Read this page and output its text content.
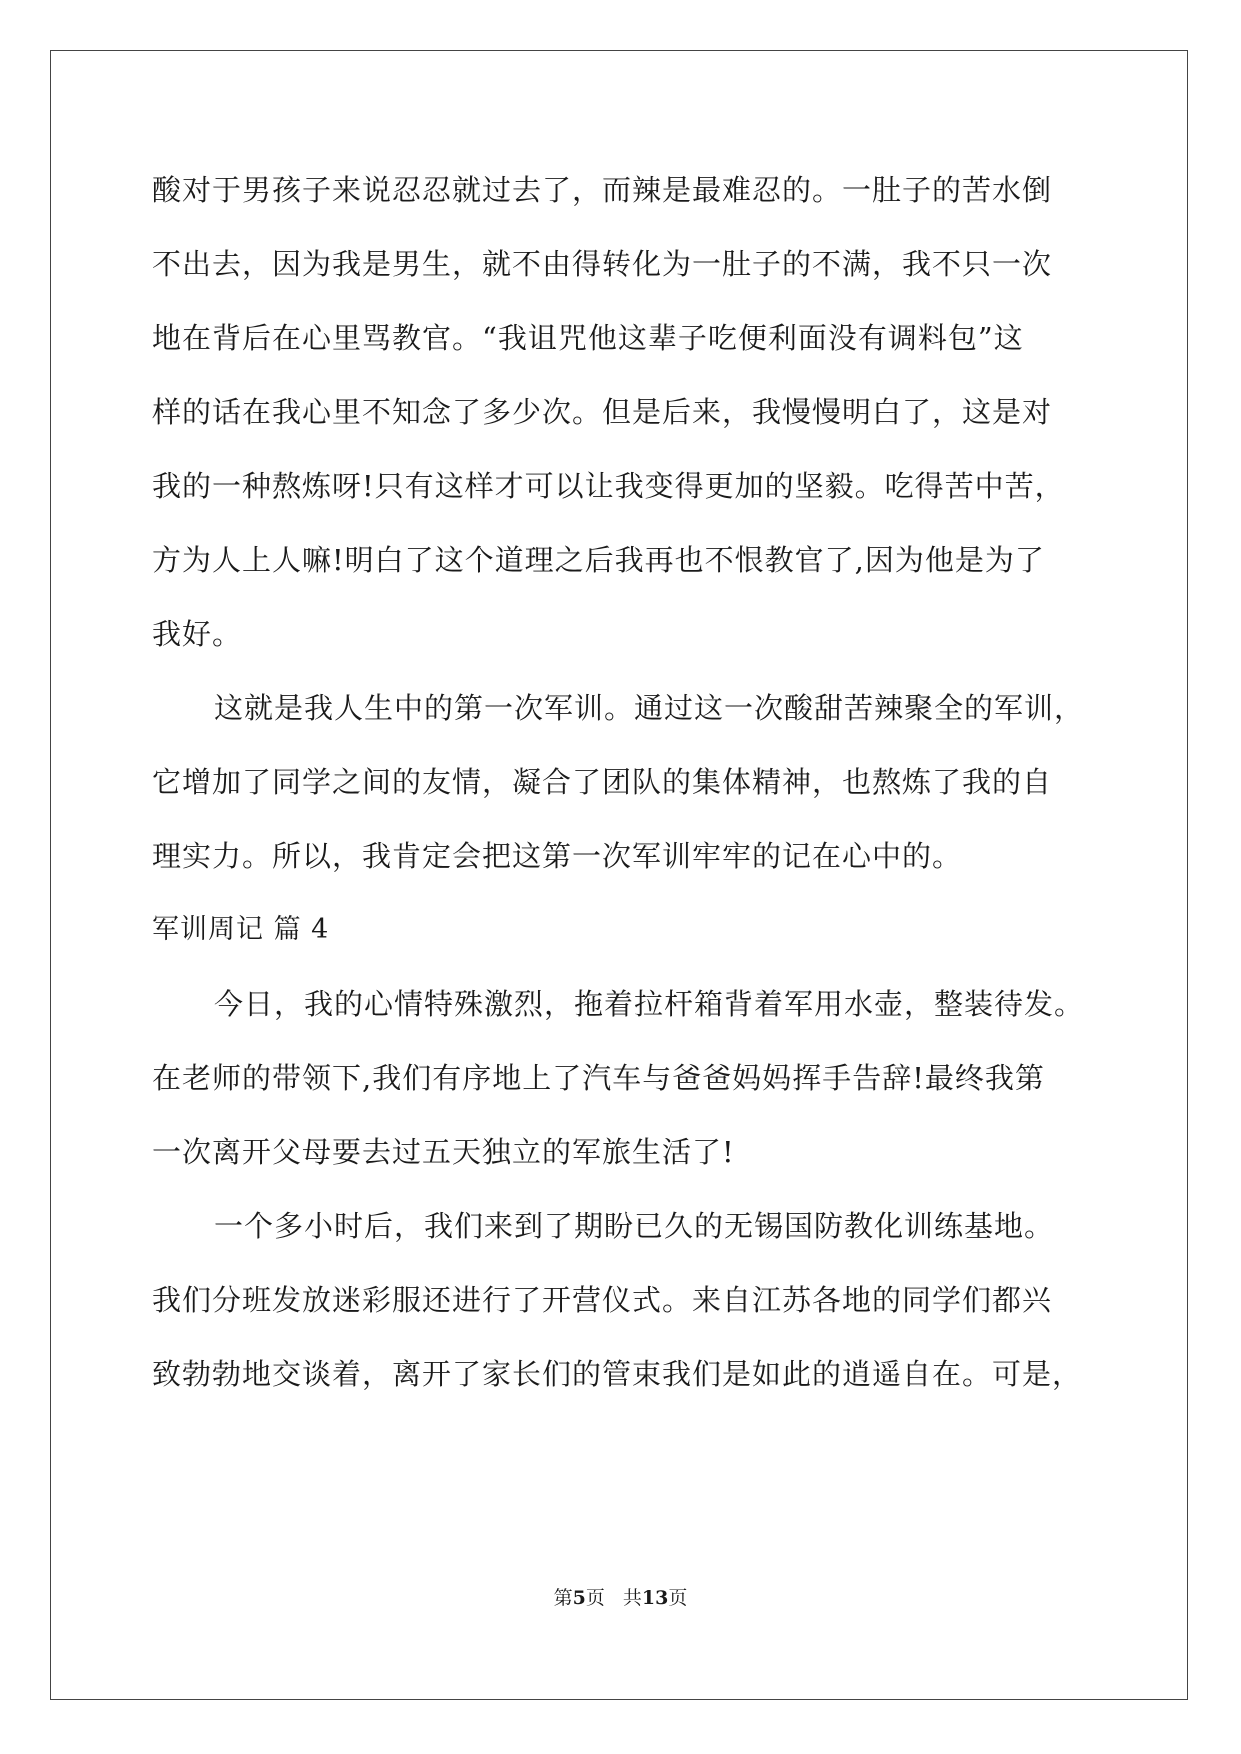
酸对于男孩子来说忍忍就过去了，而辣是最难忍的。一肚子的苦水倒
不出去，因为我是男生，就不由得转化为一肚子的不满，我不只一次
地在背后在心里骂教官。“我诅咒他这辈子吃便利面没有调料包”这
样的话在我心里不知念了多少次。但是后来，我慢慢明白了，这是对
我的一种熬炼呀!只有这样才可以让我变得更加的坚毅。吃得苦中苦，
方为人上人嘛!明白了这个道理之后我再也不恨教官了,因为他是为了
我好。
这就是我人生中的第一次军训。通过这一次酸甜苦辣聚全的军训，
它增加了同学之间的友情，凝合了团队的集体精神，也熬炼了我的自
理实力。所以，我肯定会把这第一次军训牢牢的记在心中的。
军训周记 篇 4
今日，我的心情特殊激烈，拖着拉杆箱背着军用水壶，整装待发。
在老师的带领下,我们有序地上了汽车与爸爸妈妈挥手告辞!最终我第
一次离开父母要去过五天独立的军旅生活了!
一个多小时后，我们来到了期盼已久的无锡国防教化训练基地。
我们分班发放迷彩服还进行了开营仪式。来自江苏各地的同学们都兴
致勃勃地交谈着，离开了家长们的管束我们是如此的逍遥自在。可是，
第5页 共13页
